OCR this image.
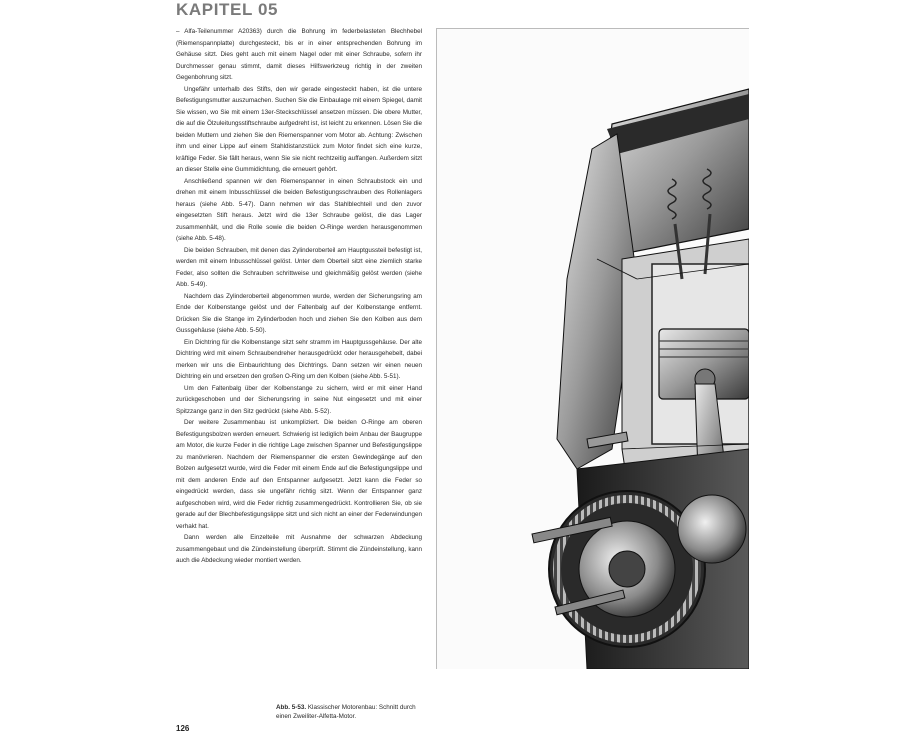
KAPITEL 05

– Alfa-Teilenummer A20363) durch die Bohrung im federbelasteten Blechhebel (Riemenspannplatte) durchgesteckt, bis er in einer entsprechenden Bohrung im Gehäuse sitzt. Dies geht auch mit einem Nagel oder mit einer Schraube, sofern ihr Durchmesser genau stimmt, damit dieses Hilfswerkzeug richtig in der zweiten Gegenbohrung sitzt.

Ungefähr unterhalb des Stifts, den wir gerade eingesteckt haben, ist die untere Befestigungsmutter auszumachen. Suchen Sie die Einbaulage mit einem Spiegel, damit Sie wissen, wo Sie mit einem 13er-Steckschlüssel ansetzen müssen. Die obere Mutter, die auf die Ölzuleitungsstiftschraube aufgedreht ist, ist leicht zu erkennen. Lösen Sie die beiden Muttern und ziehen Sie den Riemenspanner vom Motor ab. Achtung: Zwischen ihm und einer Lippe auf einem Stahldistanzstück zum Motor findet sich eine kurze, kräftige Feder. Sie fällt heraus, wenn Sie sie nicht rechtzeitig auffangen. Außerdem sitzt an dieser Stelle eine Gummidichtung, die erneuert gehört.

Anschließend spannen wir den Riemenspanner in einen Schraubstock ein und drehen mit einem Inbusschlüssel die beiden Befestigungsschrauben des Rollenlagers heraus (siehe Abb. 5-47). Dann nehmen wir das Stahlblechteil und den zuvor eingesetzten Stift heraus. Jetzt wird die 13er Schraube gelöst, die das Lager zusammenhält, und die Rolle sowie die beiden O-Ringe werden herausgenommen (siehe Abb. 5-48).

Die beiden Schrauben, mit denen das Zylinderoberteil am Hauptgussteil befestigt ist, werden mit einem Inbusschlüssel gelöst. Unter dem Oberteil sitzt eine ziemlich starke Feder, also sollten die Schrauben schrittweise und gleichmäßig gelöst werden (siehe Abb. 5-49).

Nachdem das Zylinderoberteil abgenommen wurde, werden der Sicherungsring am Ende der Kolbenstange gelöst und der Faltenbalg auf der Kolbenstange entfernt. Drücken Sie die Stange im Zylinderboden hoch und ziehen Sie den Kolben aus dem Gussgehäuse (siehe Abb. 5-50).

Ein Dichtring für die Kolbenstange sitzt sehr stramm im Hauptgussgehäuse. Der alte Dichtring wird mit einem Schraubendreher herausgedrückt oder herausgehebelt, dabei merken wir uns die Einbaurichtung des Dichtrings. Dann setzen wir einen neuen Dichtring ein und ersetzen den großen O-Ring um den Kolben (siehe Abb. 5-51).

Um den Faltenbalg über der Kolbenstange zu sichern, wird er mit einer Hand zurückgeschoben und der Sicherungsring in seine Nut eingesetzt und mit einer Spitzzange ganz in den Sitz gedrückt (siehe Abb. 5-52).

Der weitere Zusammenbau ist unkompliziert. Die beiden O-Ringe am oberen Befestigungsbolzen werden erneuert. Schwierig ist lediglich beim Anbau der Baugruppe am Motor, die kurze Feder in die richtige Lage zwischen Spanner und Befestigungslippe zu manövrieren. Nachdem der Riemenspanner die ersten Gewindegänge auf den Bolzen aufgesetzt wurde, wird die Feder mit einem Ende auf die Befestigungslippe und mit dem anderen Ende auf den Entspanner aufgesetzt. Jetzt kann die Feder so eingedrückt werden, dass sie ungefähr richtig sitzt. Wenn der Entspanner ganz aufgeschoben wird, wird die Feder richtig zusammengedrückt. Kontrollieren Sie, ob sie gerade auf der Blechbefestigungslippe sitzt und sich nicht an einer der Federwindungen verhakt hat.

Dann werden alle Einzelteile mit Ausnahme der schwarzen Abdeckung zusammengebaut und die Zündeinstellung überprüft. Stimmt die Zündeinstellung, kann auch die Abdeckung wieder montiert werden.

Abb. 5-53. Klassischer Motorenbau: Schnitt durch einen Zweiliter-Alfetta-Motor.
126
